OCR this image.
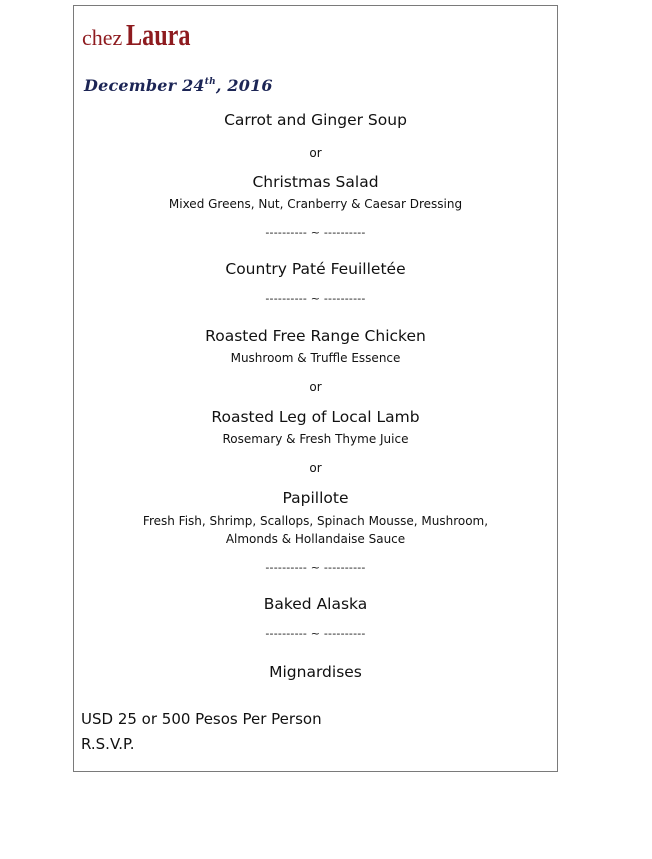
chez Laura
December 24th, 2016
Carrot and Ginger Soup
or
Christmas Salad
Mixed Greens, Nut, Cranberry & Caesar Dressing
---------- ~ ----------
Country Paté Feuilletée
---------- ~ ----------
Roasted Free Range Chicken
Mushroom & Truffle Essence
or
Roasted Leg of Local Lamb
Rosemary & Fresh Thyme Juice
or
Papillote
Fresh Fish, Shrimp, Scallops, Spinach Mousse, Mushroom,
Almonds & Hollandaise Sauce
---------- ~ ----------
Baked Alaska
---------- ~ ----------
Mignardises
USD 25 or 500 Pesos Per Person
R.S.V.P.
